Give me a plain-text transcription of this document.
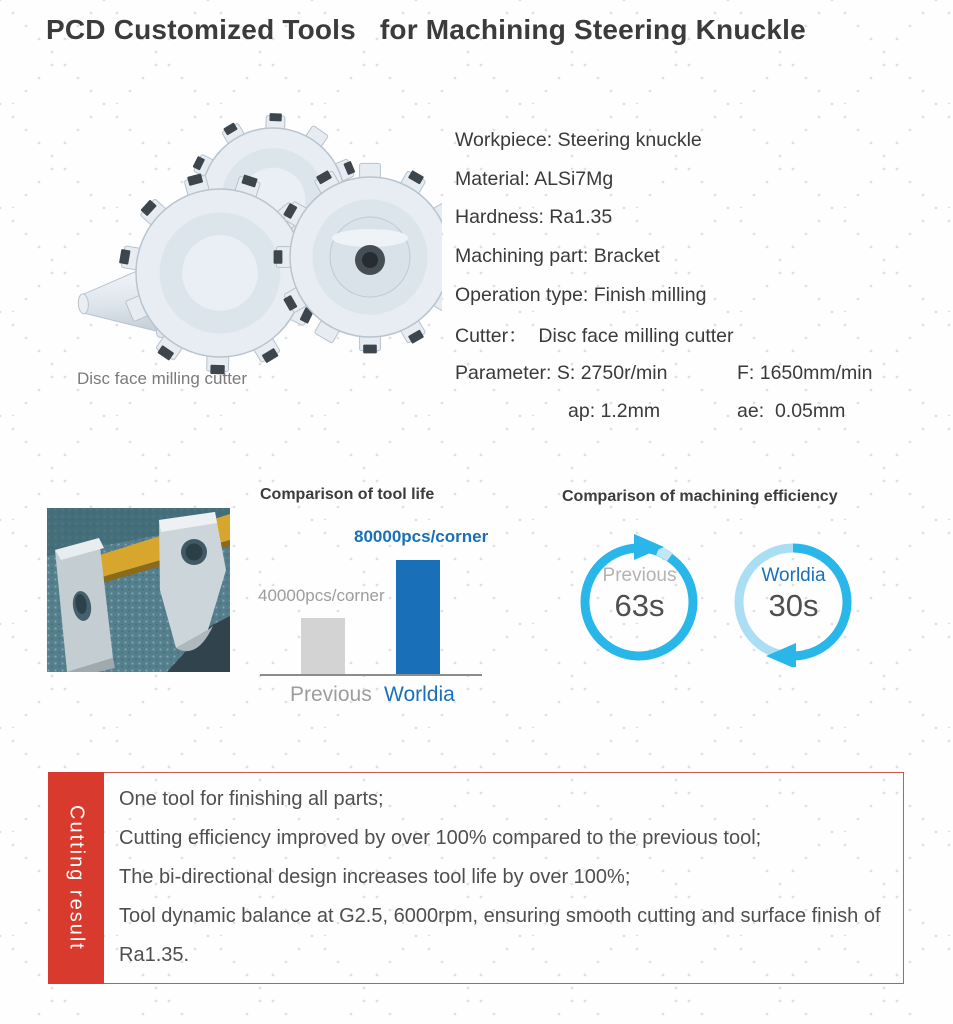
PCD Customized Tools   for Machining Steering Knuckle
Disc face milling cutter
Workpiece: Steering knuckle
Material: ALSi7Mg
Hardness: Ra1.35
Machining part: Bracket
Operation type: Finish milling
Cutter：  Disc face milling cutter
Parameter: S: 2750r/min	F: 1650mm/min
ap: 1.2mm	ae:  0.05mm
Comparison of tool life
40000pcs/corner
80000pcs/corner
Previous Worldia
Comparison of machining efficiency
Previous
63s
Worldia
30s
Cutting result

One tool for finishing all parts;

Cutting efficiency improved by over 100% compared to the previous tool;

The bi-directional design increases tool life by over 100%;

Tool dynamic balance at G2.5, 6000rpm, ensuring smooth cutting and surface finish of Ra1.35.
